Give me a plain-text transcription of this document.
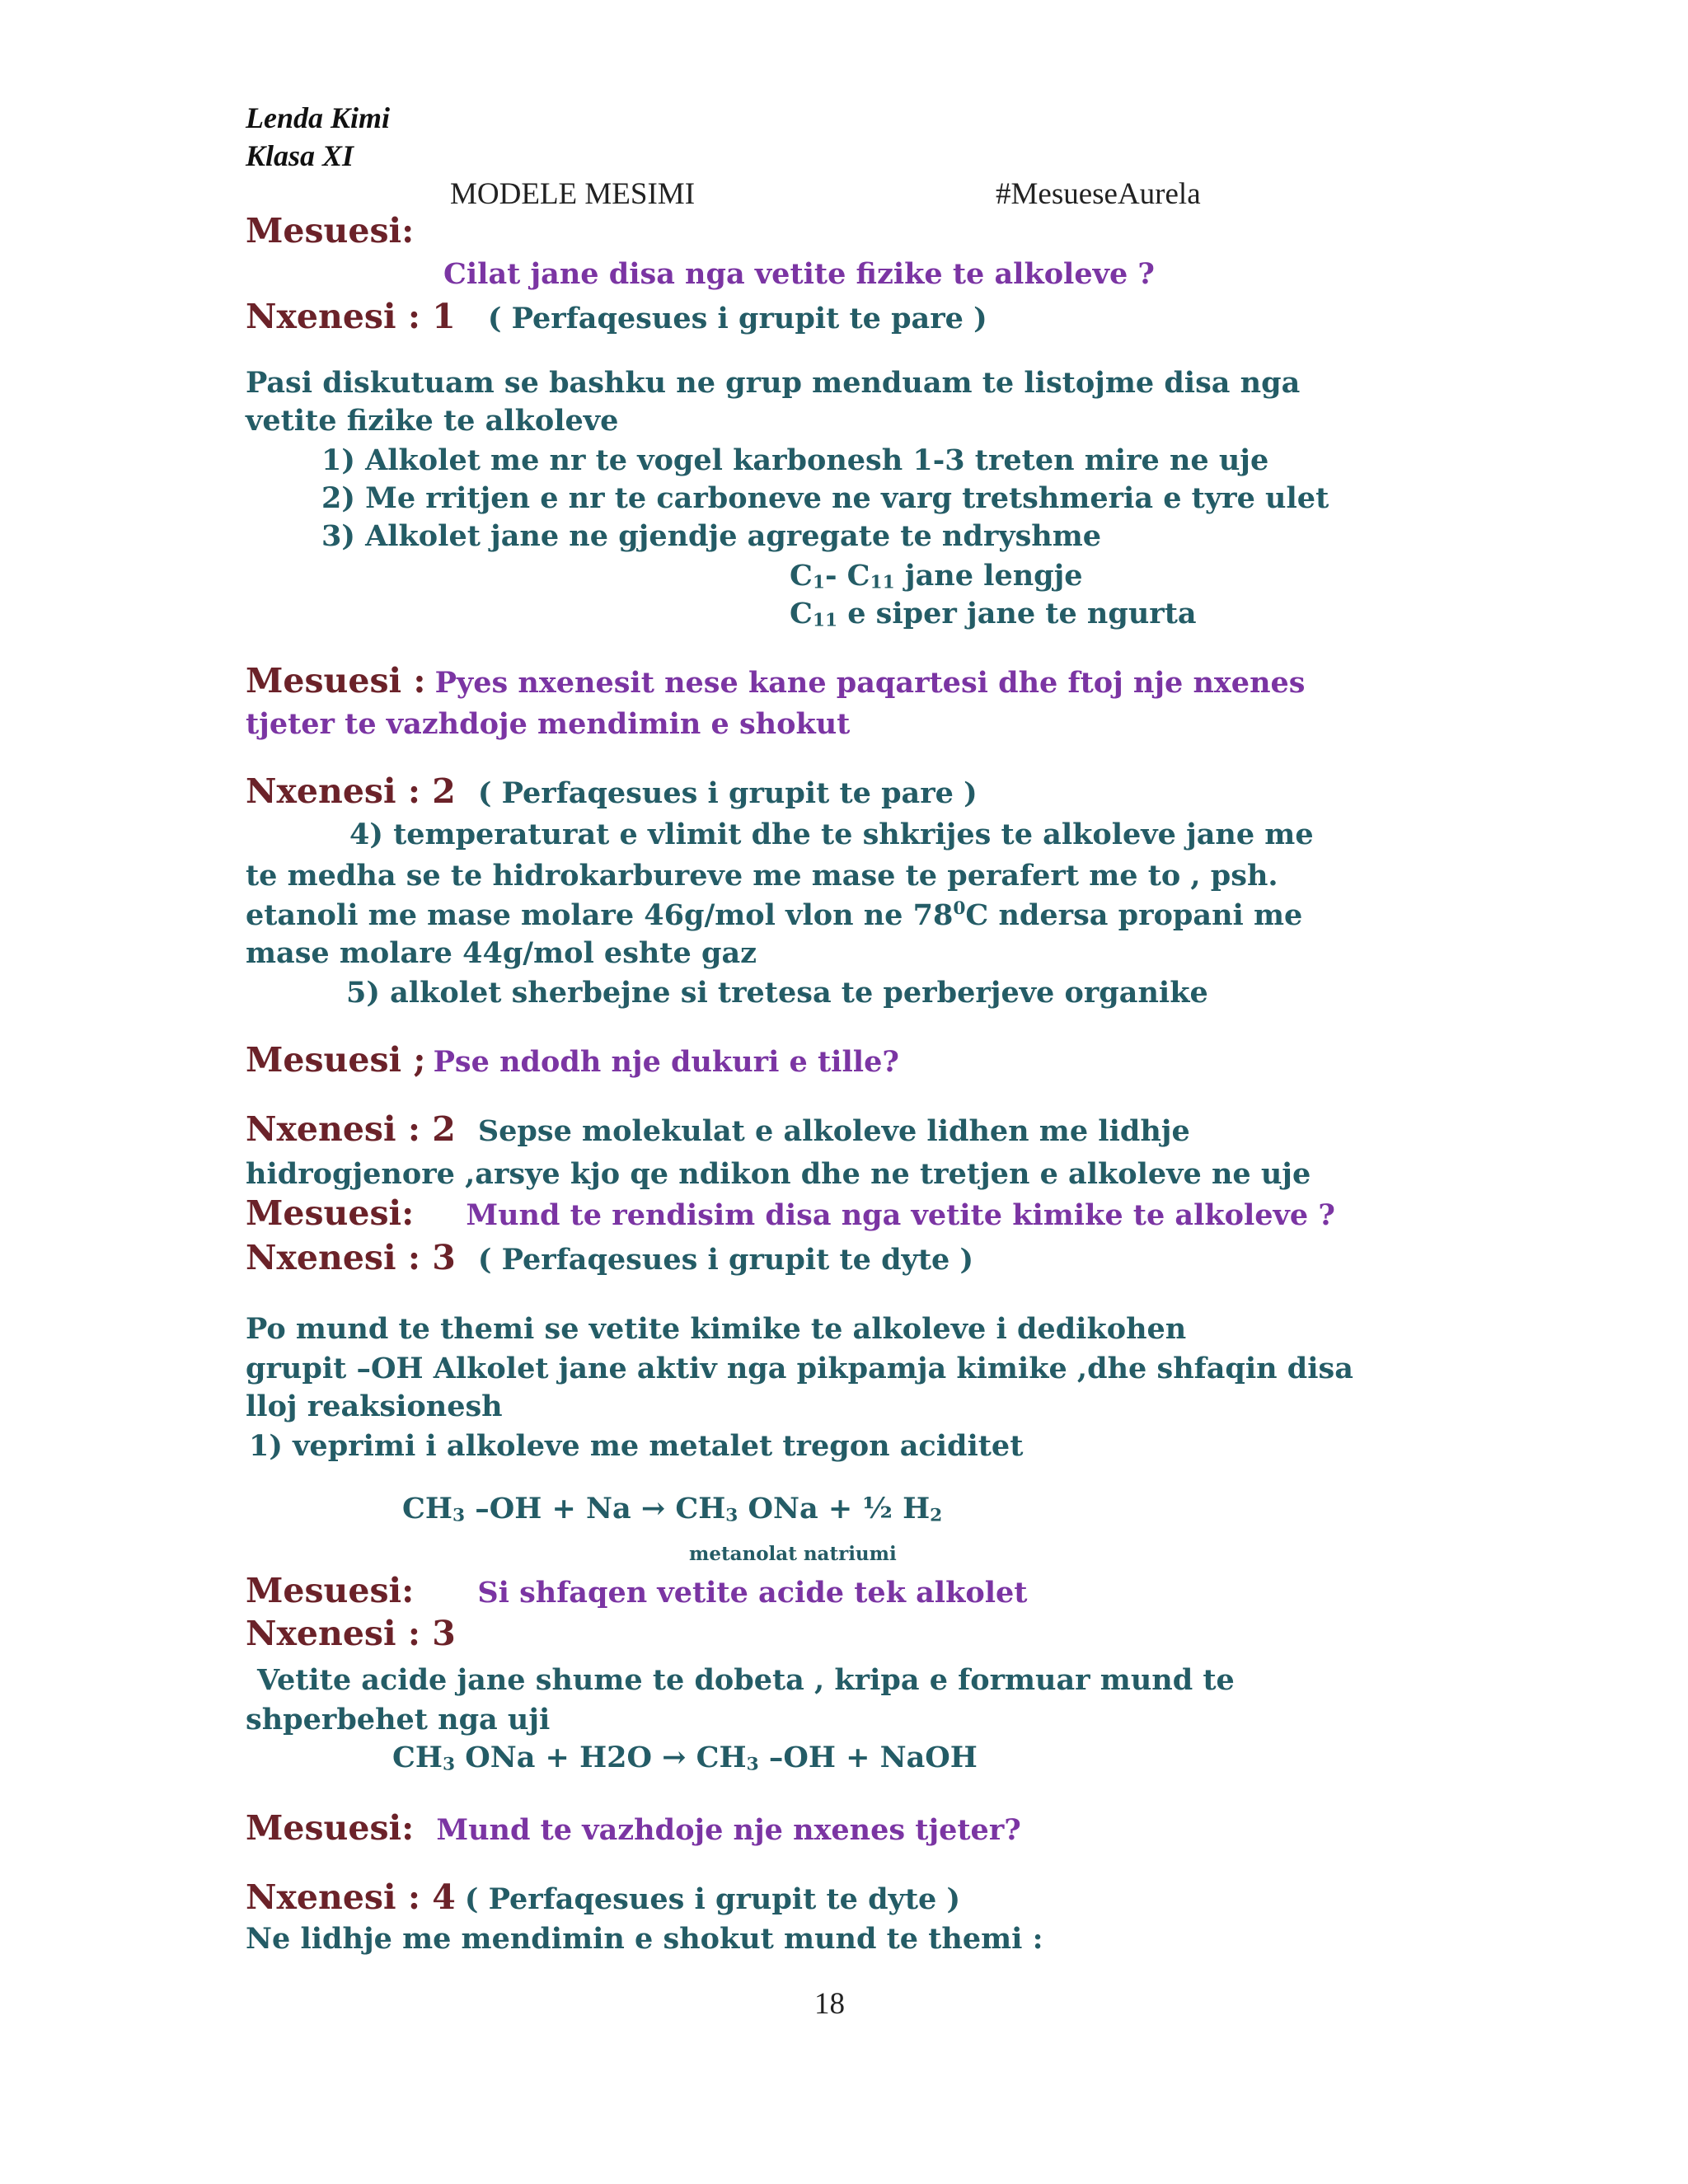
Lenda Kimi
Klasa XI
MODELE MESIMI	#MesueseAurela
Mesuesi:
Cilat jane disa nga vetite fizike te alkoleve ?
Nxenesi : 1 ( Perfaqesues i grupit te pare )
Pasi diskutuam se bashku ne grup menduam te listojme disa nga
vetite fizike te alkoleve
1) Alkolet me nr te vogel karbonesh 1-3 treten mire ne uje
2) Me rritjen e nr te carboneve ne varg tretshmeria e tyre ulet
3) Alkolet jane ne gjendje agregate te ndryshme
$C_1-$ $C_{11}$ jane lengje
$C_{11}$ e siper jane te ngurta
Mesuesi : Pyes nxenesit nese kane paqartesi dhe ftoj nje nxenes
tjeter te vazhdoje mendimin e shokut
Nxenesi : 2 ( Perfaqesues i grupit te pare )
4) temperaturat e vlimit dhe te shkrijes te alkoleve jane me
te medha se te hidrokarbureve me mase te perafert me to , psh.
etanoli me mase molare 46g/mol vlon ne $78^0C$ ndersa propani me
mase molare 44g/mol eshte gaz
5) alkolet sherbejne si tretesa te perberjeve organike
Mesuesi ; Pse ndodh nje dukuri e tille?
Nxenesi : 2 Sepse molekulat e alkoleve lidhen me lidhje
hidrogjenore ,arsye kjo qe ndikon dhe ne tretjen e alkoleve ne uje
Mesuesi: Mund te rendisim disa nga vetite kimike te alkoleve ?
Nxenesi : 3 ( Perfaqesues i grupit te dyte )
Po mund te themi se vetite kimike te alkoleve i dedikohen
grupit –OH Alkolet jane aktiv nga pikpamja kimike ,dhe shfaqin disa
lloj reaksionesh
1) veprimi i alkoleve me metalet tregon aciditet
$CH_3$ $-OH + Na \to CH_3$ ONa + ½ $H_2$
metanolat natriumi
Mesuesi: Si shfaqen vetite acide tek alkolet
Nxenesi : 3
Vetite acide jane shume te dobeta , kripa e formuar mund te
shperbehet nga uji
$CH_3$ ONa + $H2O \to CH_3$ –OH + NaOH
Mesuesi: Mund te vazhdoje nje nxenes tjeter?
Nxenesi : 4 ( Perfaqesues i grupit te dyte )
Ne lidhje me mendimin e shokut mund te themi :
18
